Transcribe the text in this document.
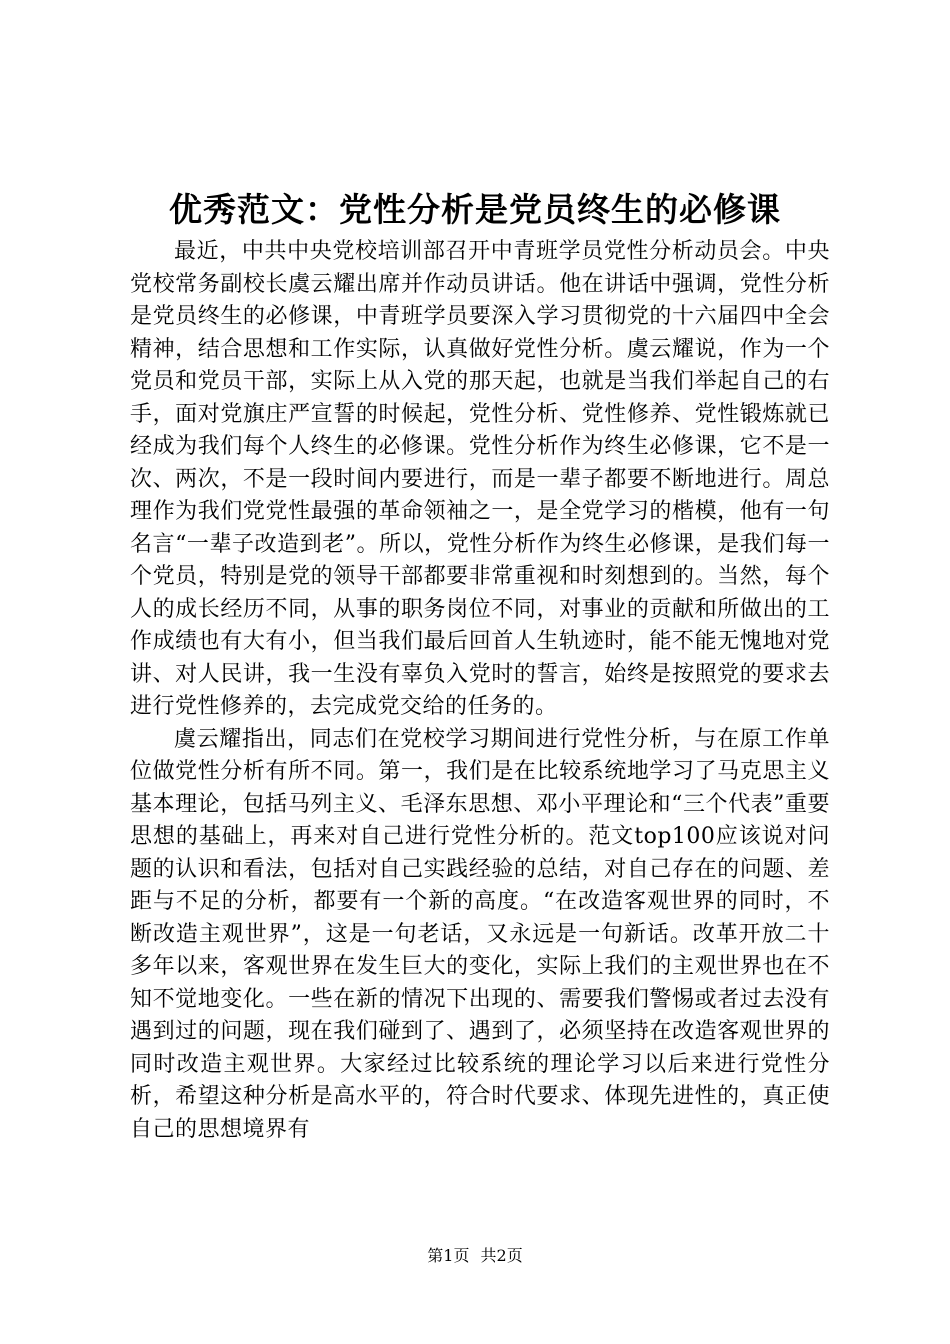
优秀范文：党性分析是党员终生的必修课

最近，中共中央党校培训部召开中青班学员党性分析动员会。中央党校常务副校长虞云耀出席并作动员讲话。他在讲话中强调，党性分析是党员终生的必修课，中青班学员要深入学习贯彻党的十六届四中全会精神，结合思想和工作实际，认真做好党性分析。虞云耀说，作为一个党员和党员干部，实际上从入党的那天起，也就是当我们举起自己的右手，面对党旗庄严宣誓的时候起，党性分析、党性修养、党性锻炼就已经成为我们每个人终生的必修课。党性分析作为终生必修课，它不是一次、两次，不是一段时间内要进行，而是一辈子都要不断地进行。周总理作为我们党党性最强的革命领袖之一，是全党学习的楷模，他有一句名言“一辈子改造到老”。所以，党性分析作为终生必修课，是我们每一个党员，特别是党的领导干部都要非常重视和时刻想到的。当然，每个人的成长经历不同，从事的职务岗位不同，对事业的贡献和所做出的工作成绩也有大有小，但当我们最后回首人生轨迹时，能不能无愧地对党讲、对人民讲，我一生没有辜负入党时的誓言，始终是按照党的要求去进行党性修养的，去完成党交给的任务的。

虞云耀指出，同志们在党校学习期间进行党性分析，与在原工作单位做党性分析有所不同。第一，我们是在比较系统地学习了马克思主义基本理论，包括马列主义、毛泽东思想、邓小平理论和“三个代表”重要思想的基础上，再来对自己进行党性分析的。范文top100应该说对问题的认识和看法，包括对自己实践经验的总结，对自己存在的问题、差距与不足的分析，都要有一个新的高度。“在改造客观世界的同时，不断改造主观世界”，这是一句老话，又永远是一句新话。改革开放二十多年以来，客观世界在发生巨大的变化，实际上我们的主观世界也在不知不觉地变化。一些在新的情况下出现的、需要我们警惕或者过去没有遇到过的问题，现在我们碰到了、遇到了，必须坚持在改造客观世界的同时改造主观世界。大家经过比较系统的理论学习以后来进行党性分析，希望这种分析是高水平的，符合时代要求、体现先进性的，真正使自己的思想境界有

第1页 共2页
